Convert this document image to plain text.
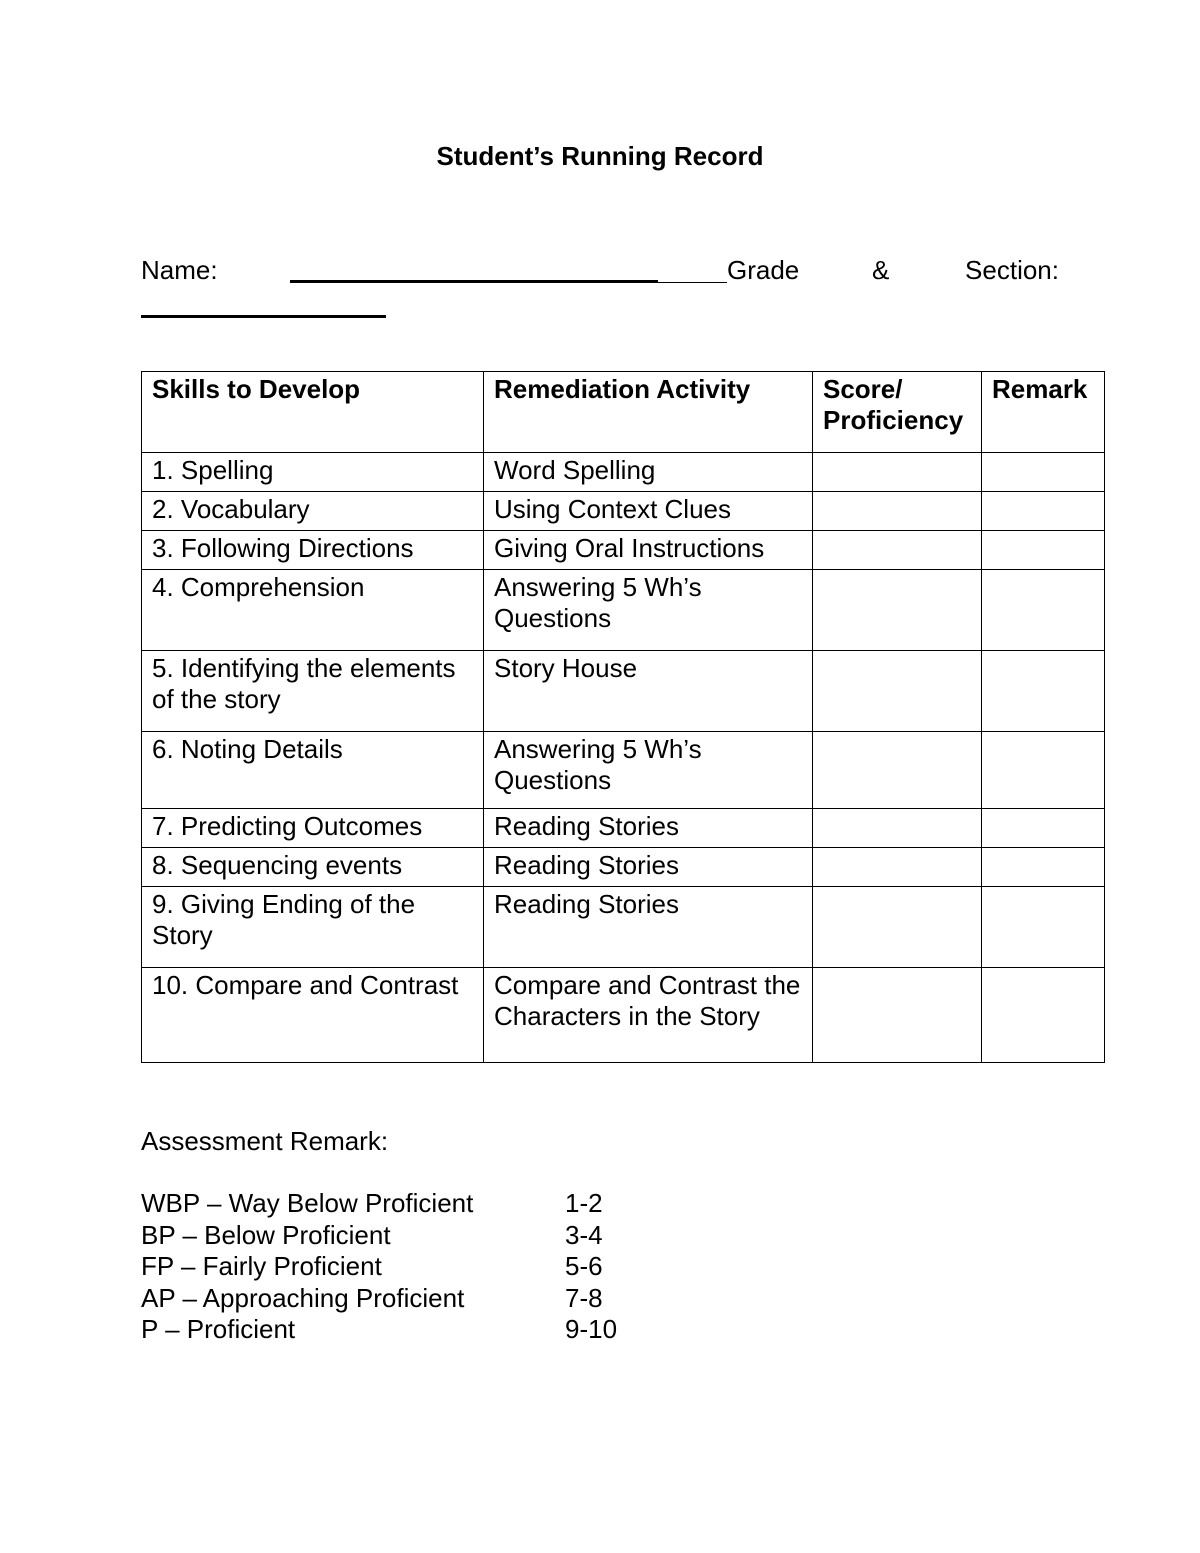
Student’s Running Record
Name:	Grade	&	Section:
Skills to Develop	Remediation Activity	Score/ Proficiency	Remark
1. Spelling	Word Spelling		
2. Vocabulary	Using Context Clues		
3. Following Directions	Giving Oral Instructions		
4. Comprehension	Answering 5 Wh’s Questions		
5. Identifying the elements of the story	Story House		
6. Noting Details	Answering 5 Wh’s Questions		
7. Predicting Outcomes	Reading Stories		
8. Sequencing events	Reading Stories		
9. Giving Ending of the Story	Reading Stories		
10. Compare and Contrast	Compare and Contrast the Characters in the Story		
Assessment Remark:
WBP – Way Below Proficient	1-2
BP – Below Proficient	3-4
FP – Fairly Proficient	5-6
AP – Approaching Proficient	7-8
P – Proficient	9-10
